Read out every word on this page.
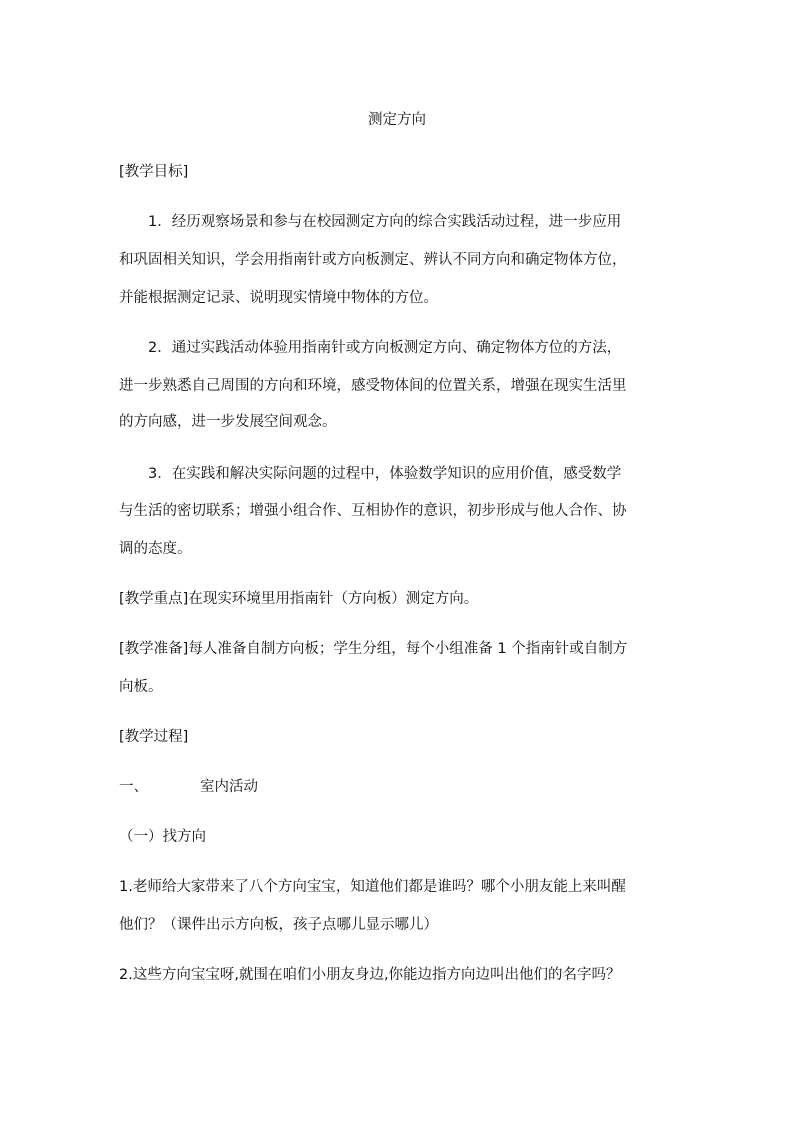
测定方向
[教学目标]
1．经历观察场景和参与在校园测定方向的综合实践活动过程，进一步应用
和巩固相关知识，学会用指南针或方向板测定、辨认不同方向和确定物体方位，
并能根据测定记录、说明现实情境中物体的方位。
2．通过实践活动体验用指南针或方向板测定方向、确定物体方位的方法，
进一步熟悉自己周围的方向和环境，感受物体间的位置关系，增强在现实生活里
的方向感，进一步发展空间观念。
3．在实践和解决实际问题的过程中，体验数学知识的应用价值，感受数学
与生活的密切联系；增强小组合作、互相协作的意识，初步形成与他人合作、协
调的态度。
[教学重点]在现实环境里用指南针（方向板）测定方向。
[教学准备]每人准备自制方向板；学生分组，每个小组准备 1 个指南针或自制方
向板。
[教学过程]
一、	室内活动
（一）找方向
1.老师给大家带来了八个方向宝宝，知道他们都是谁吗？哪个小朋友能上来叫醒
他们？（课件出示方向板，孩子点哪儿显示哪儿）
2.这些方向宝宝呀,就围在咱们小朋友身边,你能边指方向边叫出他们的名字吗？
